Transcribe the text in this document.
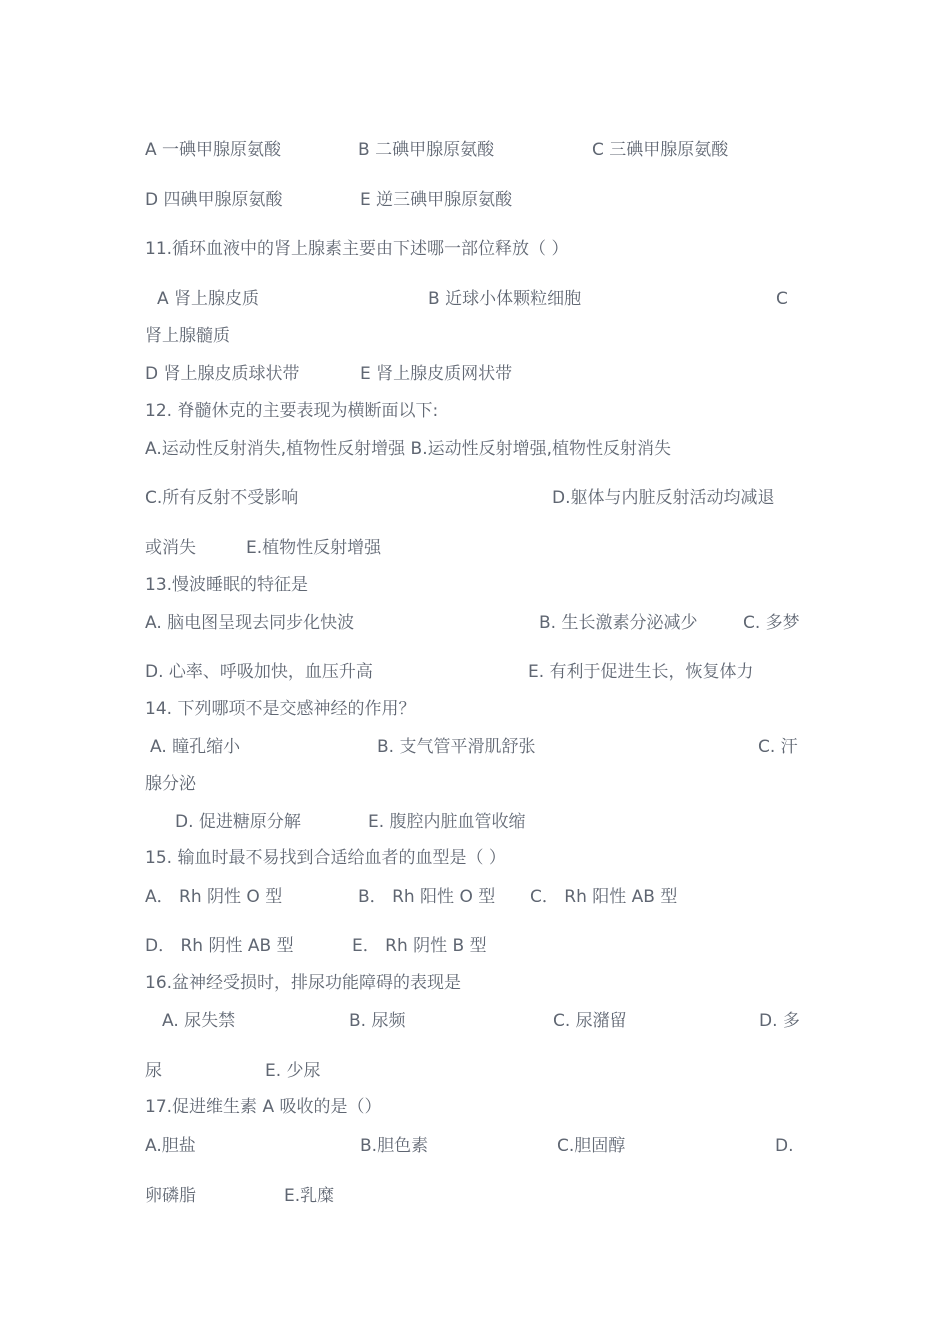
A 一碘甲腺原氨酸	B 二碘甲腺原氨酸	C 三碘甲腺原氨酸
D 四碘甲腺原氨酸	E 逆三碘甲腺原氨酸
11.循环血液中的肾上腺素主要由下述哪一部位释放（ ）
A 肾上腺皮质	B 近球小体颗粒细胞	C
肾上腺髓质
D 肾上腺皮质球状带	E 肾上腺皮质网状带
12. 脊髓休克的主要表现为横断面以下:
A.运动性反射消失,植物性反射增强 B.运动性反射增强,植物性反射消失
C.所有反射不受影响	D.躯体与内脏反射活动均减退
或消失	E.植物性反射增强
13.慢波睡眠的特征是
A. 脑电图呈现去同步化快波	B. 生长激素分泌减少	C. 多梦
D. 心率、呼吸加快，血压升高	E. 有利于促进生长，恢复体力
14. 下列哪项不是交感神经的作用？
A. 瞳孔缩小	B. 支气管平滑肌舒张	C. 汗
腺分泌
D. 促进糖原分解	E. 腹腔内脏血管收缩
15. 输血时最不易找到合适给血者的血型是（ ）
A． Rh 阴性 O 型	B． Rh 阳性 O 型 C． Rh 阳性 AB 型
D． Rh 阴性 AB 型	E． Rh 阴性 B 型
16.盆神经受损时，排尿功能障碍的表现是
A. 尿失禁	B. 尿频	C. 尿潴留	D. 多
尿	E. 少尿
17.促进维生素 A 吸收的是（）
A.胆盐	B.胆色素	C.胆固醇	D.
卵磷脂	E.乳糜
